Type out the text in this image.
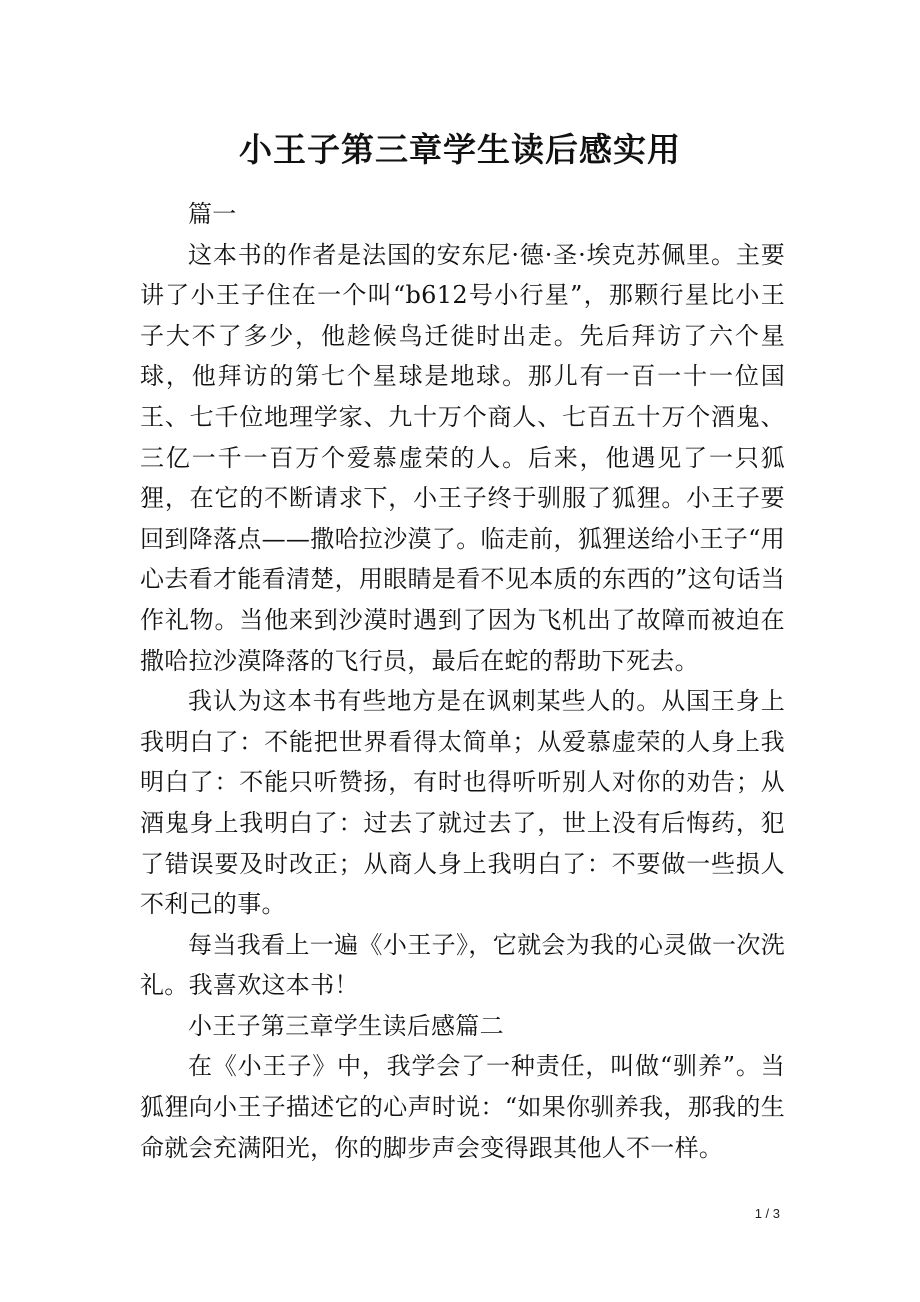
小王子第三章学生读后感实用

篇一

这本书的作者是法国的安东尼·德·圣·埃克苏佩里。主要讲了小王子住在一个叫“b612号小行星”，那颗行星比小王子大不了多少，他趁候鸟迁徙时出走。先后拜访了六个星球，他拜访的第七个星球是地球。那儿有一百一十一位国王、七千位地理学家、九十万个商人、七百五十万个酒鬼、三亿一千一百万个爱慕虚荣的人。后来，他遇见了一只狐狸，在它的不断请求下，小王子终于驯服了狐狸。小王子要回到降落点——撒哈拉沙漠了。临走前，狐狸送给小王子“用心去看才能看清楚，用眼睛是看不见本质的东西的”这句话当作礼物。当他来到沙漠时遇到了因为飞机出了故障而被迫在撒哈拉沙漠降落的飞行员，最后在蛇的帮助下死去。

我认为这本书有些地方是在讽刺某些人的。从国王身上我明白了：不能把世界看得太简单；从爱慕虚荣的人身上我明白了：不能只听赞扬，有时也得听听别人对你的劝告；从酒鬼身上我明白了：过去了就过去了，世上没有后悔药，犯了错误要及时改正；从商人身上我明白了：不要做一些损人不利己的事。

每当我看上一遍《小王子》，它就会为我的心灵做一次洗礼。我喜欢这本书！

小王子第三章学生读后感篇二

在《小王子》中，我学会了一种责任，叫做“驯养”。当狐狸向小王子描述它的心声时说：“如果你驯养我，那我的生命就会充满阳光，你的脚步声会变得跟其他人不一样。

1 / 3
